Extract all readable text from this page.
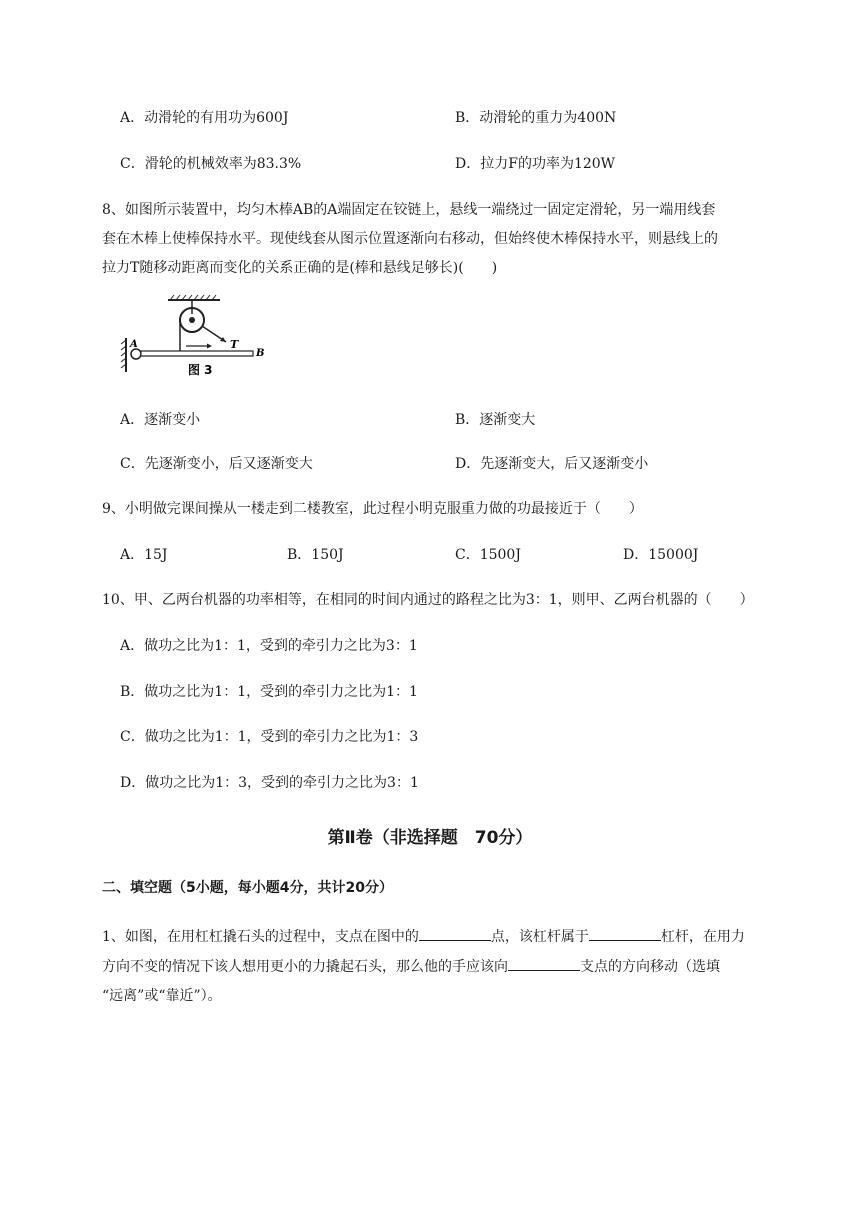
A．动滑轮的有用功为600J	B．动滑轮的重力为400N
C．滑轮的机械效率为83.3%	D．拉力F的功率为120W
8、如图所示装置中，均匀木棒AB的A端固定在铰链上，悬线一端绕过一固定定滑轮，另一端用线套
套在木棒上使棒保持水平。现使线套从图示位置逐渐向右移动，但始终使木棒保持水平，则悬线上的
拉力T随移动距离而变化的关系正确的是(棒和悬线足够长)(　　)
T
A
B
图 3
A．逐渐变小	B．逐渐变大
C．先逐渐变小，后又逐渐变大	D．先逐渐变大，后又逐渐变小
9、小明做完课间操从一楼走到二楼教室，此过程小明克服重力做的功最接近于（　　）
A．15J	B．150J	C．1500J	D．15000J
10、甲、乙两台机器的功率相等，在相同的时间内通过的路程之比为3：1，则甲、乙两台机器的（　　）
A．做功之比为1：1，受到的牵引力之比为3：1
B．做功之比为1：1，受到的牵引力之比为1：1
C．做功之比为1：1，受到的牵引力之比为1：3
D．做功之比为1：3，受到的牵引力之比为3：1
第Ⅱ卷（非选择题　70分）
二、填空题（5小题，每小题4分，共计20分）
1、如图，在用杠杠撬石头的过程中，支点在图中的	点，该杠杆属于	杠杆，在用力
方向不变的情况下该人想用更小的力撬起石头，那么他的手应该向	支点的方向移动（选填
“远离”或“靠近”）。
